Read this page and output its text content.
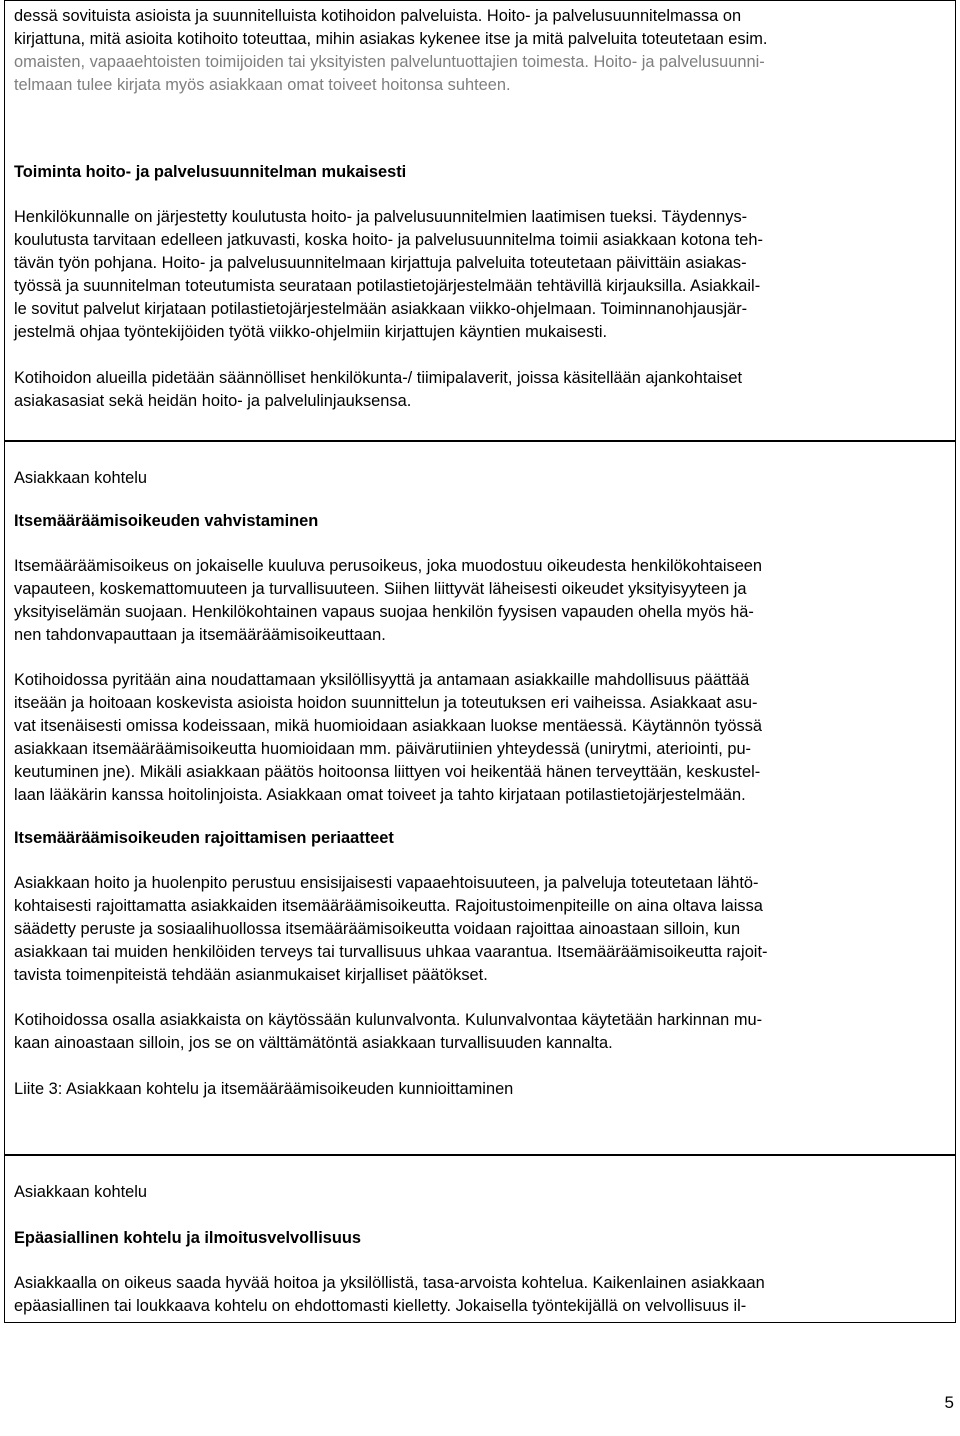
dessä sovituista asioista ja suunnitelluista kotihoidon palveluista. Hoito- ja palvelusuunnitelmassa on
kirjattuna, mitä asioita kotihoito toteuttaa, mihin asiakas kykenee itse ja mitä palveluita toteutetaan esim.
omaisten, vapaaehtoisten toimijoiden tai yksityisten palveluntuottajien toimesta. Hoito- ja palvelusuunni-
telmaan tulee kirjata myös asiakkaan omat toiveet hoitonsa suhteen.

Toiminta hoito- ja palvelusuunnitelman mukaisesti

Henkilökunnalle on järjestetty koulutusta hoito- ja palvelusuunnitelmien laatimisen tueksi. Täydennys-
koulutusta tarvitaan edelleen jatkuvasti, koska hoito- ja palvelusuunnitelma toimii asiakkaan kotona teh-
tävän työn pohjana. Hoito- ja palvelusuunnitelmaan kirjattuja palveluita toteutetaan päivittäin asiakas-
työssä ja suunnitelman toteutumista seurataan potilastietojärjestelmään tehtävillä kirjauksilla. Asiakkail-
le sovitut palvelut kirjataan potilastietojärjestelmään asiakkaan viikko-ohjelmaan. Toiminnanohjausjär-
jestelmä ohjaa työntekijöiden työtä viikko-ohjelmiin kirjattujen käyntien mukaisesti.

Kotihoidon alueilla pidetään säännölliset henkilökunta-/ tiimipalaverit, joissa käsitellään ajankohtaiset
asiakasasiat sekä heidän hoito- ja palvelulinjauksensa.

Asiakkaan kohtelu

Itsemääräämisoikeuden vahvistaminen

Itsemääräämisoikeus on jokaiselle kuuluva perusoikeus, joka muodostuu oikeudesta henkilökohtaiseen
vapauteen, koskemattomuuteen ja turvallisuuteen. Siihen liittyvät läheisesti oikeudet yksityisyyteen ja
yksityiselämän suojaan. Henkilökohtainen vapaus suojaa henkilön fyysisen vapauden ohella myös hä-
nen tahdonvapauttaan ja itsemääräämisoikeuttaan.

Kotihoidossa pyritään aina noudattamaan yksilöllisyyttä ja antamaan asiakkaille mahdollisuus päättää
itseään ja hoitoaan koskevista asioista hoidon suunnittelun ja toteutuksen eri vaiheissa. Asiakkaat asu-
vat itsenäisesti omissa kodeissaan, mikä huomioidaan asiakkaan luokse mentäessä. Käytännön työssä
asiakkaan itsemääräämisoikeutta huomioidaan mm. päivärutiinien yhteydessä (unirytmi, ateriointi, pu-
keutuminen jne). Mikäli asiakkaan päätös hoitoonsa liittyen voi heikentää hänen terveyttään, keskustel-
laan lääkärin kanssa hoitolinjoista. Asiakkaan omat toiveet ja tahto kirjataan potilastietojärjestelmään.

Itsemääräämisoikeuden rajoittamisen periaatteet

Asiakkaan hoito ja huolenpito perustuu ensisijaisesti vapaaehtoisuuteen, ja palveluja toteutetaan lähtö-
kohtaisesti rajoittamatta asiakkaiden itsemääräämisoikeutta. Rajoitustoimenpiteille on aina oltava laissa
säädetty peruste ja sosiaalihuollossa itsemääräämisoikeutta voidaan rajoittaa ainoastaan silloin, kun
asiakkaan tai muiden henkilöiden terveys tai turvallisuus uhkaa vaarantua. Itsemääräämisoikeutta rajoit-
tavista toimenpiteistä tehdään asianmukaiset kirjalliset päätökset.

Kotihoidossa osalla asiakkaista on käytössään kulunvalvonta. Kulunvalvontaa käytetään harkinnan mu-
kaan ainoastaan silloin, jos se on välttämätöntä asiakkaan turvallisuuden kannalta.

Liite 3: Asiakkaan kohtelu ja itsemääräämisoikeuden kunnioittaminen

Asiakkaan kohtelu

Epäasiallinen kohtelu ja ilmoitusvelvollisuus

Asiakkaalla on oikeus saada hyvää hoitoa ja yksilöllistä, tasa-arvoista kohtelua. Kaikenlainen asiakkaan
epäasiallinen tai loukkaava kohtelu on ehdottomasti kielletty. Jokaisella työntekijällä on velvollisuus il-

5
